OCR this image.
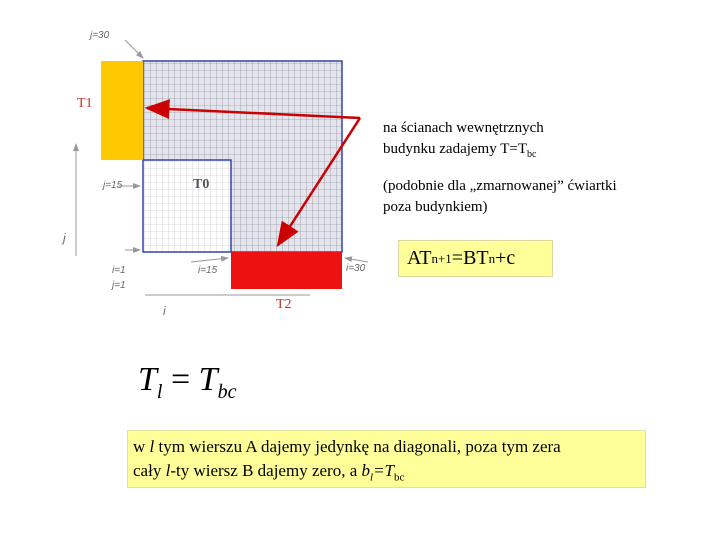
j=30
j=15
i=1
j=1
i=15	i=30
i
j
T1
T0
T2
na ścianach wewnętrznych
budynku zadajemy $T=T_{bc}$
(podobnie dla „zmarnowanej” ćwiartki
poza budynkiem)
AT n+1 =BT n +c
$T_l = T_{bc}$
w l tym wierszu A dajemy jedynkę na diagonali, poza tym zera
cały l-ty wiersz B dajemy zero, a $b_l=T_{bc}$
